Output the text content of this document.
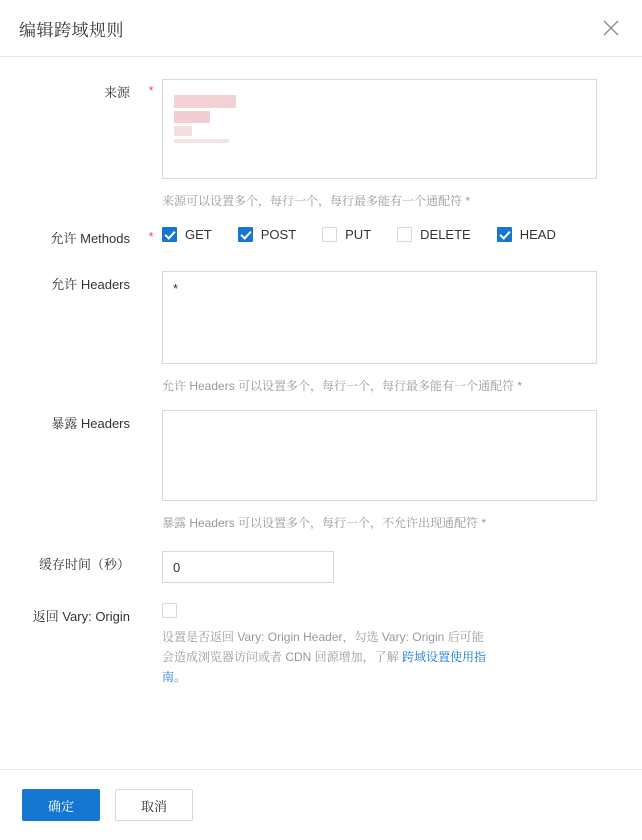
编辑跨域规则
来源	*
来源可以设置多个，每行一个，每行最多能有一个通配符 *
允许 Methods	*	GET	POST	PUT	DELETE	HEAD
允许 Headers
*
允许 Headers 可以设置多个，每行一个，每行最多能有一个通配符 *
暴露 Headers
暴露 Headers 可以设置多个，每行一个，不允许出现通配符 *
缓存时间（秒）
0
返回 Vary: Origin
设置是否返回 Vary: Origin Header，勾选 Vary: Origin 后可能会造成浏览器访问或者 CDN 回源增加，了解 跨域设置使用指南。
确定	取消
